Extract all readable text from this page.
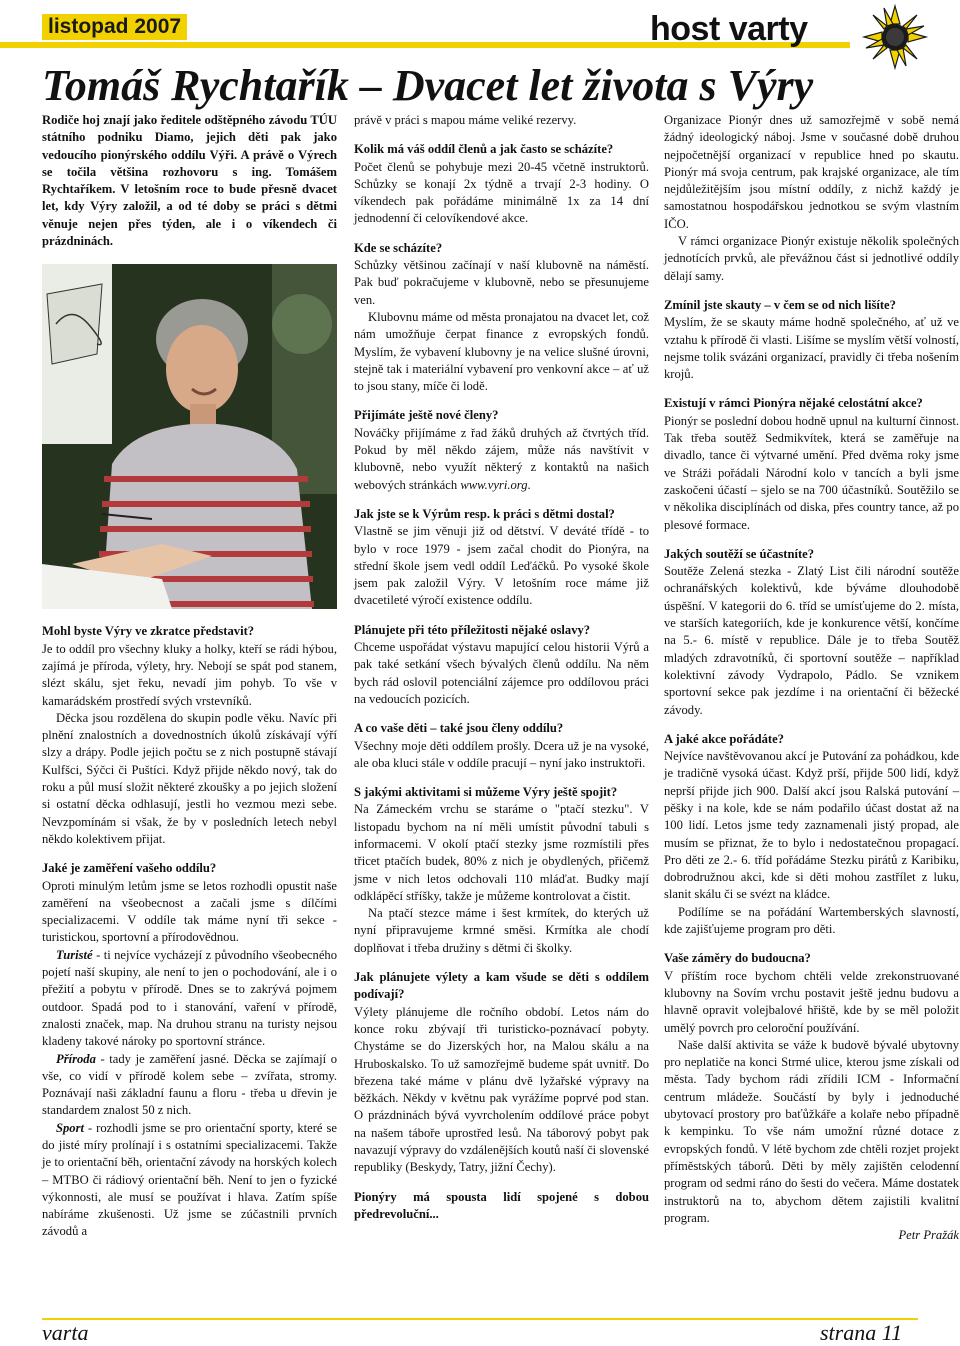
listopad 2007	host varty
Tomáš Rychtařík – Dvacet let života s Výry

Rodiče hoj znají jako ředitele odštěpného závodu TÚU státního podniku Diamo, jejich děti pak jako vedoucího pionýrského oddílu Výři. A právě o Výrech se točila většina rozhovoru s ing. Tomášem Rychtaříkem. V letošním roce to bude přesně dvacet let, kdy Výry založil, a od té doby se práci s dětmi věnuje nejen přes týden, ale i o víkendech či prázdninách.

Mohl byste Výry ve zkratce představit?

Je to oddíl pro všechny kluky a holky, kteří se rádi hýbou, zajímá je příroda, výlety, hry. Nebojí se spát pod stanem, slézt skálu, sjet řeku, nevadí jim pohyb. To vše v kamarádském prostředí svých vrstevníků.

Děcka jsou rozdělena do skupin podle věku. Navíc při plnění znalostních a dovednostních úkolů získávají výří slzy a drápy. Podle jejich počtu se z nich postupně stávají Kulfšci, Sýčci či Puštíci. Když přijde někdo nový, tak do roku a půl musí složit některé zkoušky a po jejich složení si ostatní děcka odhlasují, jestli ho vezmou mezi sebe. Nevzpomínám si však, že by v posledních letech nebyl někdo kolektivem přijat.

Jaké je zaměření vašeho oddílu?

Oproti minulým letům jsme se letos rozhodli opustit naše zaměření na všeobecnost a začali jsme s dílčími specializacemi. V oddíle tak máme nyní tři sekce - turistickou, sportovní a přírodovědnou.

Turisté - ti nejvíce vycházejí z původního všeobecného pojetí naší skupiny, ale není to jen o pochodování, ale i o přežití a pobytu v přírodě. Dnes se to zakrývá pojmem outdoor. Spadá pod to i stanování, vaření v přírodě, znalosti značek, map. Na druhou stranu na turisty nejsou kladeny takové nároky po sportovní stránce.

Příroda - tady je zaměření jasné. Děcka se zajímají o vše, co vidí v přírodě kolem sebe – zvířata, stromy. Poznávají naši základní faunu a floru - třeba u dřevin je standardem znalost 50 z nich.

Sport - rozhodli jsme se pro orientační sporty, které se do jisté míry prolínají i s ostatními specializacemi. Takže je to orientační běh, orientační závody na horských kolech – MTBO či rádiový orientační běh. Není to jen o fyzické výkonnosti, ale musí se používat i hlava. Zatím spíše nabíráme zkušenosti. Už jsme se zúčastnili prvních závodů a

právě v práci s mapou máme veliké rezervy.

Kolik má váš oddíl členů a jak často se scházíte?

Počet členů se pohybuje mezi 20-45 včetně instruktorů. Schůzky se konají 2x týdně a trvají 2-3 hodiny. O víkendech pak pořádáme minimálně 1x za 14 dní jednodenní či celovíkendové akce.

Kde se scházíte?

Schůzky většinou začínají v naší klubovně na náměstí. Pak buď pokračujeme v klubovně, nebo se přesunujeme ven.

Klubovnu máme od města pronajatou na dvacet let, což nám umožňuje čerpat finance z evropských fondů. Myslím, že vybavení klubovny je na velice slušné úrovni, stejně tak i materiální vybavení pro venkovní akce – ať už to jsou stany, míče či lodě.

Přijímáte ještě nové členy?

Nováčky přijímáme z řad žáků druhých až čtvrtých tříd. Pokud by měl někdo zájem, může nás navštívit v klubovně, nebo využít některý z kontaktů na našich webových stránkách www.vyri.org.

Jak jste se k Výrům resp. k práci s dětmi dostal?

Vlastně se jim věnuji již od dětství. V deváté třídě - to bylo v roce 1979 - jsem začal chodit do Pionýra, na střední škole jsem vedl oddíl Leďáčků. Po vysoké škole jsem pak založil Výry. V letošním roce máme již dvacetileté výročí existence oddílu.

Plánujete při této příležitosti nějaké oslavy?

Chceme uspořádat výstavu mapující celou historii Výrů a pak také setkání všech bývalých členů oddílu. Na něm bych rád oslovil potenciální zájemce pro oddílovou práci na vedoucích pozicích.

A co vaše děti – také jsou členy oddílu?

Všechny moje děti oddílem prošly. Dcera už je na vysoké, ale oba kluci stále v oddíle pracují – nyní jako instruktoři.

S jakými aktivitami si můžeme Výry ještě spojit?

Na Zámeckém vrchu se staráme o "ptačí stezku". V listopadu bychom na ní měli umístit původní tabuli s informacemi. V okolí ptačí stezky jsme rozmístili přes třicet ptačích budek, 80% z nich je obydlených, přičemž jsme v nich letos odchovali 110 mláďat. Budky mají odklápěcí stříšky, takže je můžeme kontrolovat a čistit.

Na ptačí stezce máme i šest krmítek, do kterých už nyní připravujeme krmné směsi. Krmítka ale chodí doplňovat i třeba družiny s dětmi či školky.

Jak plánujete výlety a kam všude se děti s oddílem podívají?

Výlety plánujeme dle ročního období. Letos nám do konce roku zbývají tři turisticko-poznávací pobyty. Chystáme se do Jizerských hor, na Malou skálu a na Hruboskalsko. To už samozřejmě budeme spát uvnitř. Do březena také máme v plánu dvě lyžařské výpravy na běžkách. Někdy v květnu pak vyrážíme poprvé pod stan. O prázdninách bývá vyvrcholením oddílové práce pobyt na našem táboře uprostřed lesů. Na táborový pobyt pak navazují výpravy do vzdálenějších koutů naší či slovenské republiky (Beskydy, Tatry, jižní Čechy).

Pionýry má spousta lidí spojené s dobou předrevoluční...

Organizace Pionýr dnes už samozřejmě v sobě nemá žádný ideologický náboj. Jsme v současné době druhou nejpočetnější organizací v republice hned po skautu. Pionýr má svoja centrum, pak krajské organizace, ale tím nejdůležitějším jsou místní oddíly, z nichž každý je samostatnou hospodářskou jednotkou se svým vlastním IČO.

V rámci organizace Pionýr existuje několik společných jednotících prvků, ale převážnou část si jednotlivé oddíly dělají samy.

Zmínil jste skauty – v čem se od nich lišíte?

Myslím, že se skauty máme hodně společného, ať už ve vztahu k přírodě či vlasti. Lišíme se myslím větší volností, nejsme tolik svázáni organizací, pravidly či třeba nošením krojů.

Existují v rámci Pionýra nějaké celostátní akce?

Pionýr se poslední dobou hodně upnul na kulturní činnost. Tak třeba soutěž Sedmikvítek, která se zaměřuje na divadlo, tance či výtvarné umění. Před dvěma roky jsme ve Stráži pořádali Národní kolo v tancích a byli jsme zaskočeni účastí – sjelo se na 700 účastníků. Soutěžilo se v několika disciplínách od diska, přes country tance, až po plesové formace.

Jakých soutěží se účastníte?

Soutěže Zelená stezka - Zlatý List čili národní soutěže ochranářských kolektivů, kde býváme dlouhodobě úspěšní. V kategorii do 6. tříd se umísťujeme do 2. místa, ve starších kategoriích, kde je konkurence větší, končíme na 5.- 6. místě v republice. Dále je to třeba Soutěž mladých zdravotníků, či sportovní soutěže – například kolektivní závody Vydrapolo, Pádlo. Se vznikem sportovní sekce pak jezdíme i na orientační či běžecké závody.

A jaké akce pořádáte?

Nejvíce navštěvovanou akcí je Putování za pohádkou, kde je tradičně vysoká účast. Když prší, přijde 500 lidí, když neprší přijde jich 900. Další akcí jsou Ralská putování – pěšky i na kole, kde se nám podařilo účast dostat až na 100 lidí. Letos jsme tedy zaznamenali jistý propad, ale musím se přiznat, že to bylo i nedostatečnou propagací. Pro děti ze 2.- 6. tříd pořádáme Stezku pirátů z Karibiku, dobrodružnou akci, kde si děti mohou zastřílet z luku, slanit skálu či se svézt na kládce.

Podílíme se na pořádání Wartemberských slavností, kde zajišťujeme program pro děti.

Vaše záměry do budoucna?

V příštím roce bychom chtěli velde zrekonstruované klubovny na Sovím vrchu postavit ještě jednu budovu a hlavně opravit volejbalové hřiště, kde by se měl položit umělý povrch pro celoroční používání.

Naše další aktivita se váže k budově bývalé ubytovny pro neplatiče na konci Strmé ulice, kterou jsme získali od města. Tady bychom rádi zřídili ICM - Informační centrum mládeže. Součástí by byly i jednoduché ubytovací prostory pro baťůžkáře a kolaře nebo případně k kempinku. To vše nám umožní různé dotace z evropských fondů. V létě bychom zde chtěli rozjet projekt příměstských táborů. Děti by měly zajištěn celodenní program od sedmi ráno do šesti do večera. Máme dostatek instruktorů na to, abychom dětem zajistili kvalitní program.

Petr Pražák

varta	strana 11
